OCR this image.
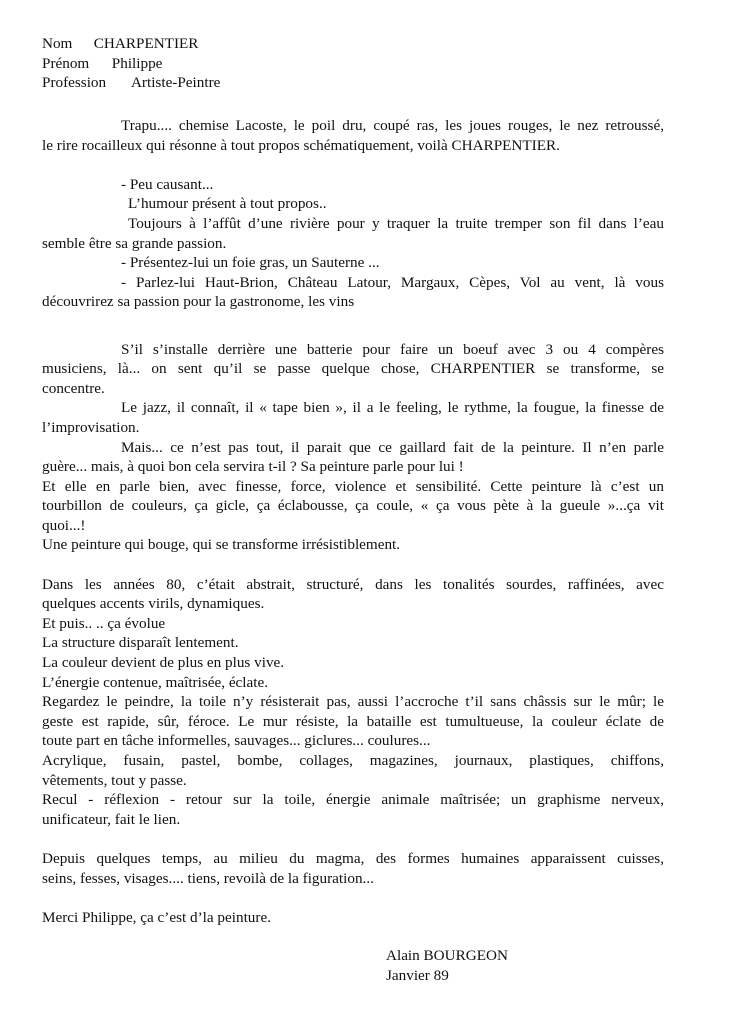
Nom CHARPENTIER
Prénom Philippe
Profession Artiste-Peintre
Trapu.... chemise Lacoste, le poil dru, coupé ras, les joues rouges, le nez retroussé,
le rire rocailleux qui résonne à tout propos schématiquement, voilà CHARPENTIER.
- Peu causant...
L’humour présent à tout propos..
Toujours à l’affût d’une rivière pour y traquer la truite tremper son fil dans l’eau
semble être sa grande passion.
- Présentez-lui un foie gras, un Sauterne ...
- Parlez-lui Haut-Brion, Château Latour, Margaux, Cèpes, Vol au vent, là vous
découvrirez sa passion pour la gastronome, les vins
S’il s’installe derrière une batterie pour faire un boeuf avec 3 ou 4 compères
musiciens, là... on sent qu’il se passe quelque chose, CHARPENTIER se transforme, se
concentre.
Le jazz, il connaît, il « tape bien », il a le feeling, le rythme, la fougue, la finesse de
l’improvisation.
Mais... ce n’est pas tout, il parait que ce gaillard fait de la peinture. Il n’en parle
guère... mais, à quoi bon cela servira t-il ? Sa peinture parle pour lui !
Et elle en parle bien, avec finesse, force, violence et sensibilité. Cette peinture là c’est un
tourbillon de couleurs, ça gicle, ça éclabousse, ça coule, « ça vous pète à la gueule »...ça vit
quoi...!
Une peinture qui bouge, qui se transforme irrésistiblement.
Dans les années 80, c’était abstrait, structuré, dans les tonalités sourdes, raffinées, avec
quelques accents virils, dynamiques.
Et puis.. .. ça évolue
La structure disparaît lentement.
La couleur devient de plus en plus vive.
L’énergie contenue, maîtrisée, éclate.
Regardez le peindre, la toile n’y résisterait pas, aussi l’accroche t’il sans châssis sur le mûr; le
geste est rapide, sûr, féroce. Le mur résiste, la bataille est tumultueuse, la couleur éclate de
toute part en tâche informelles, sauvages... giclures... coulures...
Acrylique, fusain, pastel, bombe, collages, magazines, journaux, plastiques, chiffons,
vêtements, tout y passe.
Recul - réflexion - retour sur la toile, énergie animale maîtrisée; un graphisme nerveux,
unificateur, fait le lien.
Depuis quelques temps, au milieu du magma, des formes humaines apparaissent cuisses,
seins, fesses, visages.... tiens, revoilà de la figuration...
Merci Philippe, ça c’est d’la peinture.
Alain BOURGEON
Janvier 89
